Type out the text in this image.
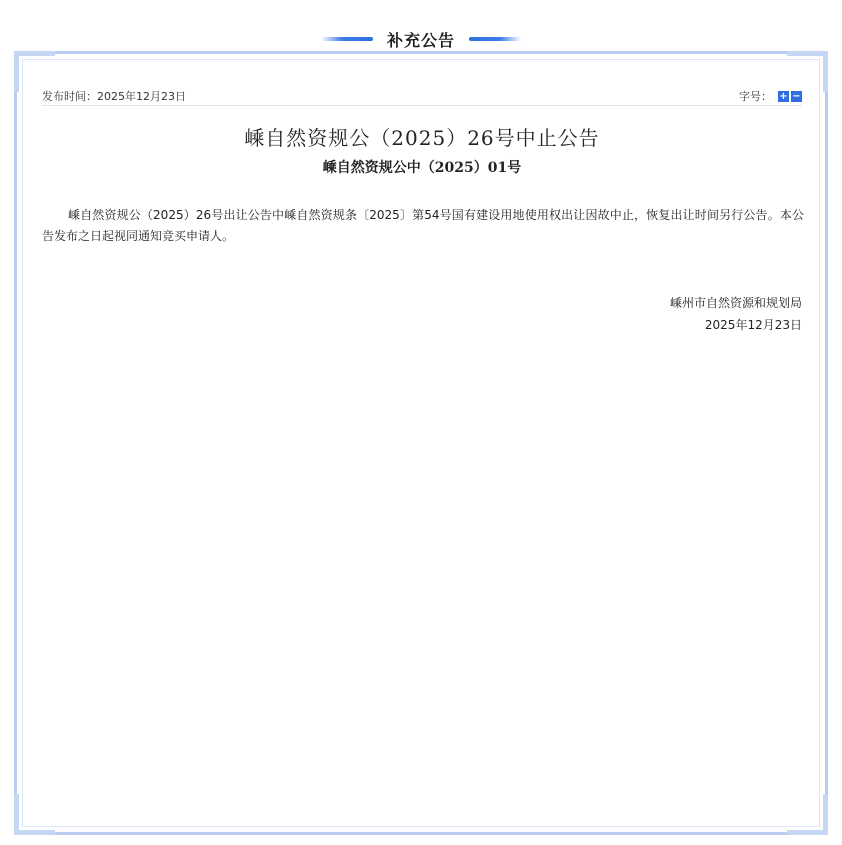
补充公告
发布时间：2025年12月23日	字号： + −
嵊自然资规公（2025）26号中止公告
嵊自然资规公中（2025）01号

嵊自然资规公（2025）26号出让公告中嵊自然资规条〔2025〕第54号国有建设用地使用权出让因故中止，恢复出让时间另行公告。本公告发布之日起视同通知竞买申请人。

嵊州市自然资源和规划局
2025年12月23日
